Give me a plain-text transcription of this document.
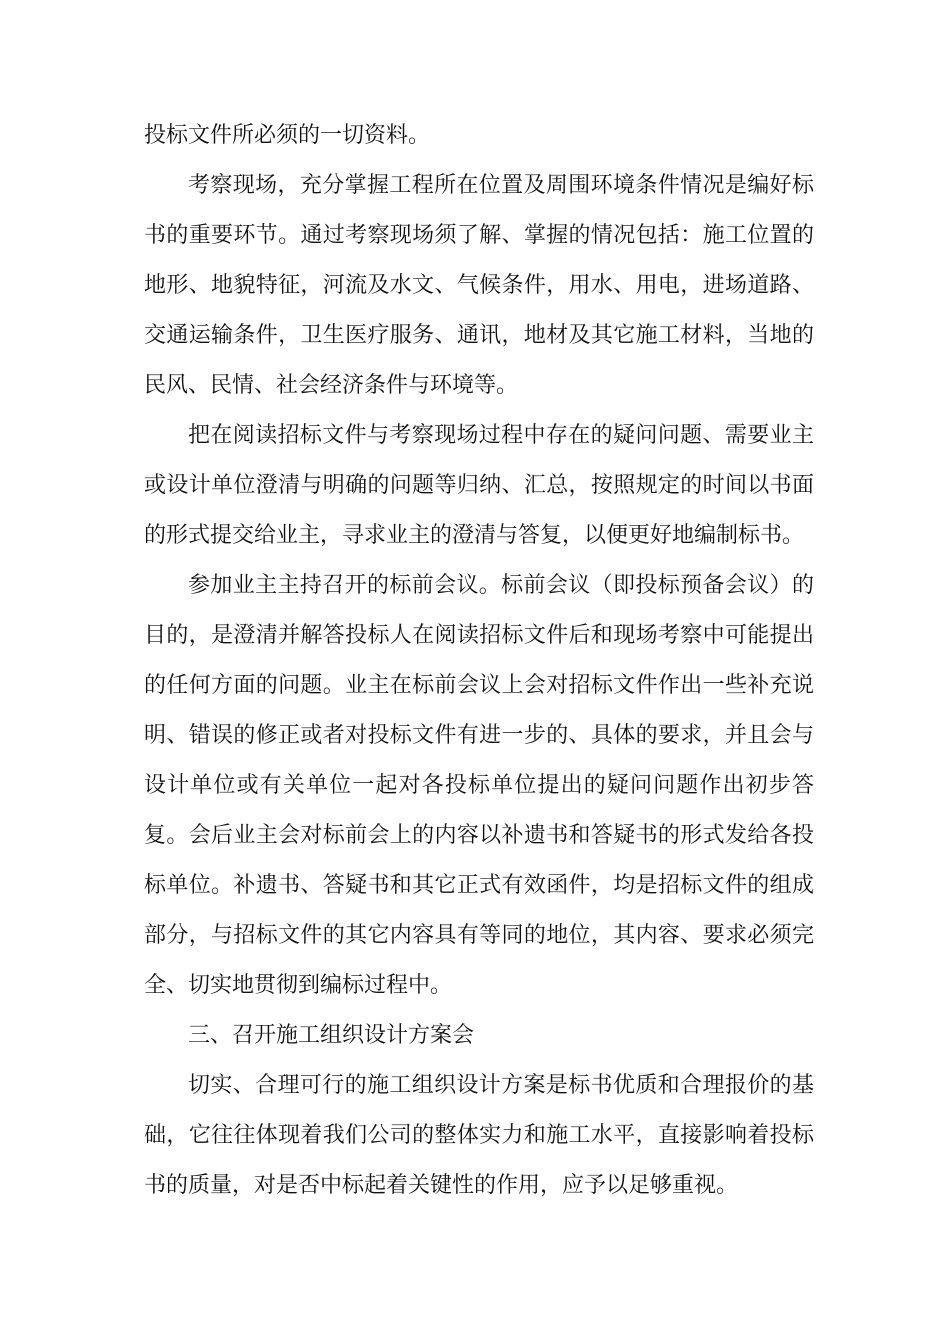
投标文件所必须的一切资料。
考察现场，充分掌握工程所在位置及周围环境条件情况是编好标
书的重要环节。通过考察现场须了解、掌握的情况包括：施工位置的
地形、地貌特征，河流及水文、气候条件，用水、用电，进场道路、
交通运输条件，卫生医疗服务、通讯，地材及其它施工材料，当地的
民风、民情、社会经济条件与环境等。
把在阅读招标文件与考察现场过程中存在的疑问问题、需要业主
或设计单位澄清与明确的问题等归纳、汇总，按照规定的时间以书面
的形式提交给业主，寻求业主的澄清与答复，以便更好地编制标书。
参加业主主持召开的标前会议。标前会议（即投标预备会议）的
目的，是澄清并解答投标人在阅读招标文件后和现场考察中可能提出
的任何方面的问题。业主在标前会议上会对招标文件作出一些补充说
明、错误的修正或者对投标文件有进一步的、具体的要求，并且会与
设计单位或有关单位一起对各投标单位提出的疑问问题作出初步答
复。会后业主会对标前会上的内容以补遗书和答疑书的形式发给各投
标单位。补遗书、答疑书和其它正式有效函件，均是招标文件的组成
部分，与招标文件的其它内容具有等同的地位，其内容、要求必须完
全、切实地贯彻到编标过程中。
三、召开施工组织设计方案会
切实、合理可行的施工组织设计方案是标书优质和合理报价的基
础，它往往体现着我们公司的整体实力和施工水平，直接影响着投标
书的质量，对是否中标起着关键性的作用，应予以足够重视。
